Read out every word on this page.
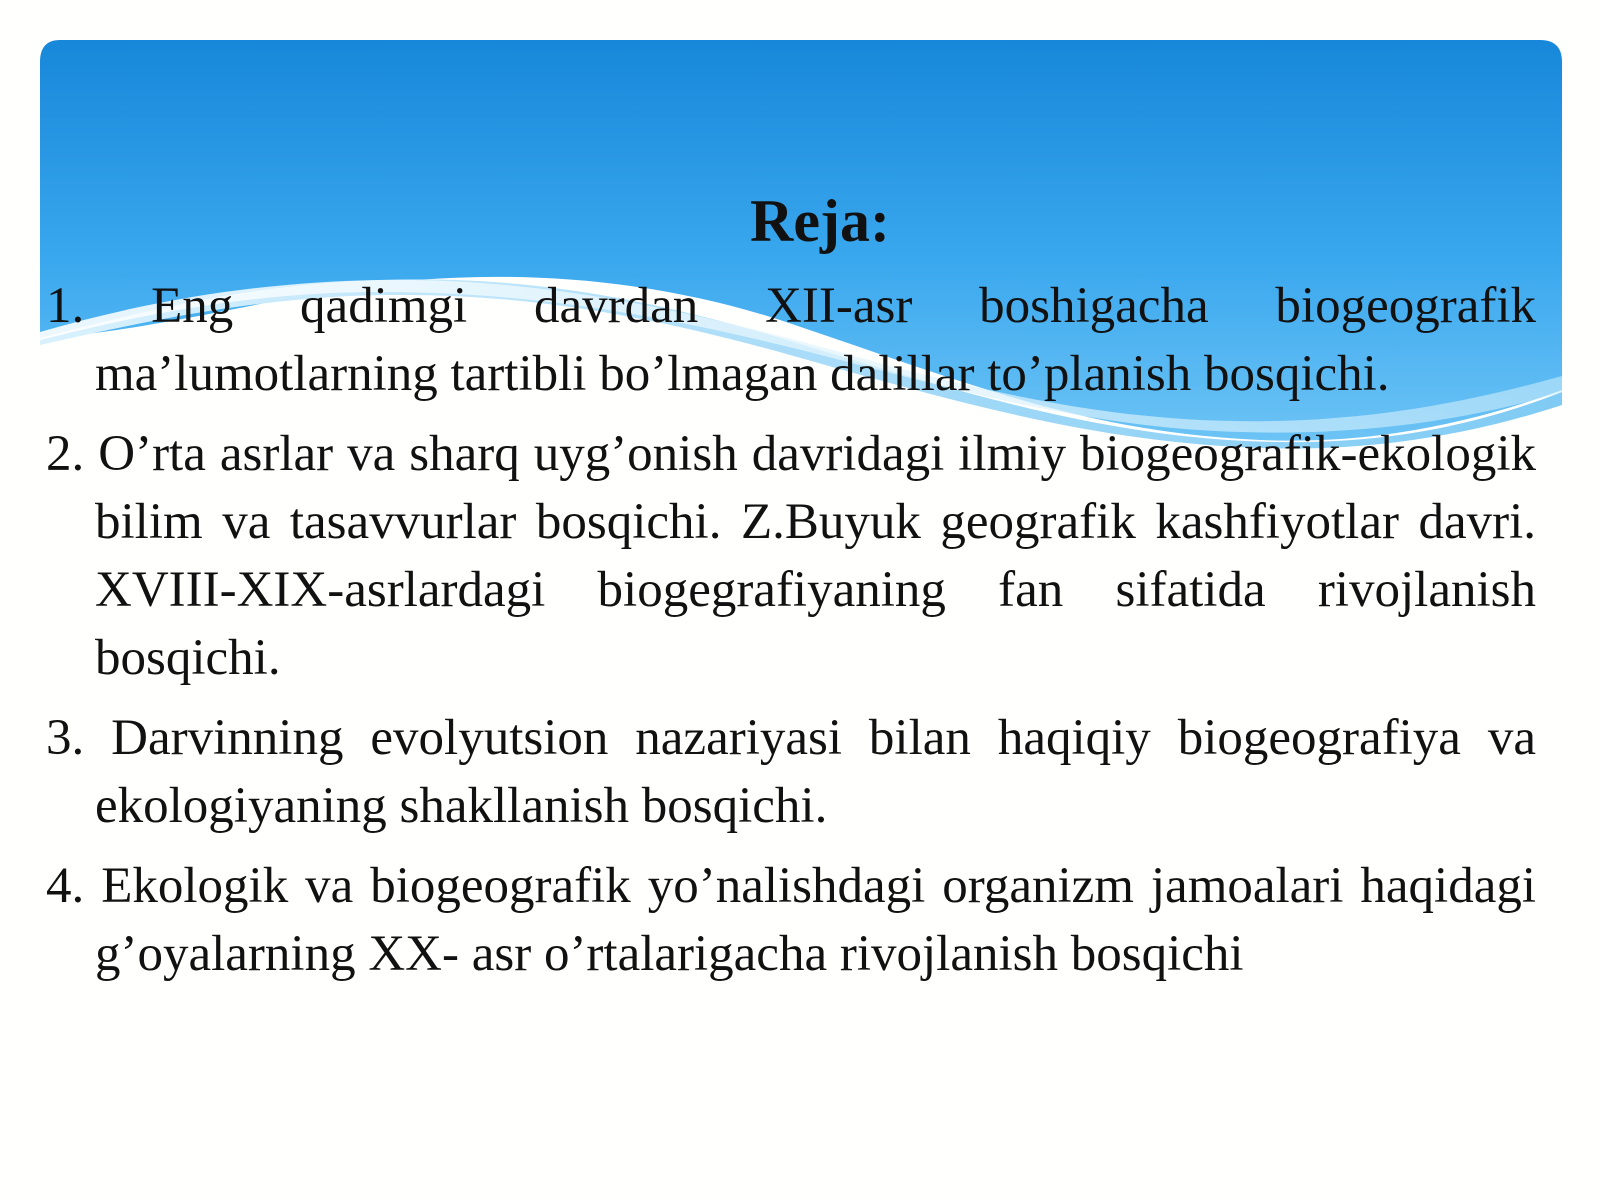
Reja:
1. Eng qadimgi davrdan XII-asr boshigacha biogeografik ma’lumotlarning tartibli bo’lmagan dalillar to’planish bosqichi.
2. O’rta asrlar va sharq uyg’onish davridagi ilmiy biogeografik-ekologik bilim va tasavvurlar bosqichi. Z.Buyuk geografik kashfiyotlar davri. XVIII-XIX-asrlardagi biogegrafiyaning fan sifatida rivojlanish bosqichi.
3. Darvinning evolyutsion nazariyasi bilan haqiqiy biogeografiya va ekologiyaning shakllanish bosqichi.
4. Ekologik va biogeografik yo’nalishdagi organizm jamoalari haqidagi g’oyalarning XX- asr o’rtalarigacha rivojlanish bosqichi
